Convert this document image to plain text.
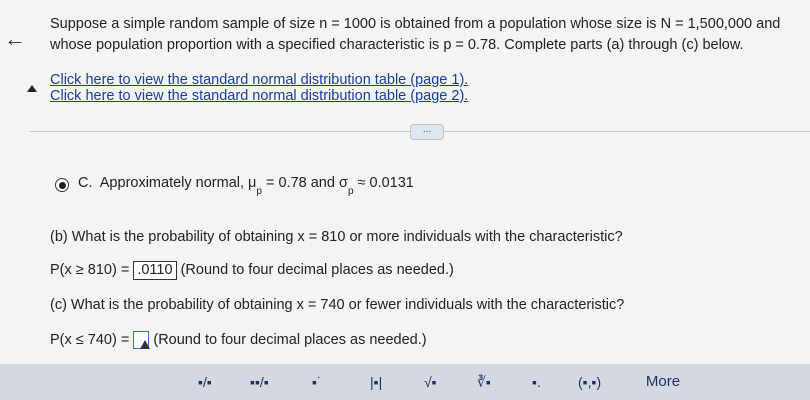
←
Suppose a simple random sample of size n = 1000 is obtained from a population whose size is N = 1,500,000 and
whose population proportion with a specified characteristic is p = 0.78. Complete parts (a) through (c) below.
Click here to view the standard normal distribution table (page 1).
Click here to view the standard normal distribution table (page 2).
...
C. Approximately normal, $\mu_p = 0.78$ and $\sigma_p \approx 0.0131$
(b) What is the probability of obtaining x = 810 or more individuals with the characteristic?
P(x ≥ 810) = .0110 (Round to four decimal places as needed.)
(c) What is the probability of obtaining x = 740 or fewer individuals with the characteristic?
P(x ≤ 740) = (Round to four decimal places as needed.)
▪/▪	▪▪/▪	▪˙	|▪|	√▪	∛▪	▪.	(▪,▪)	More
